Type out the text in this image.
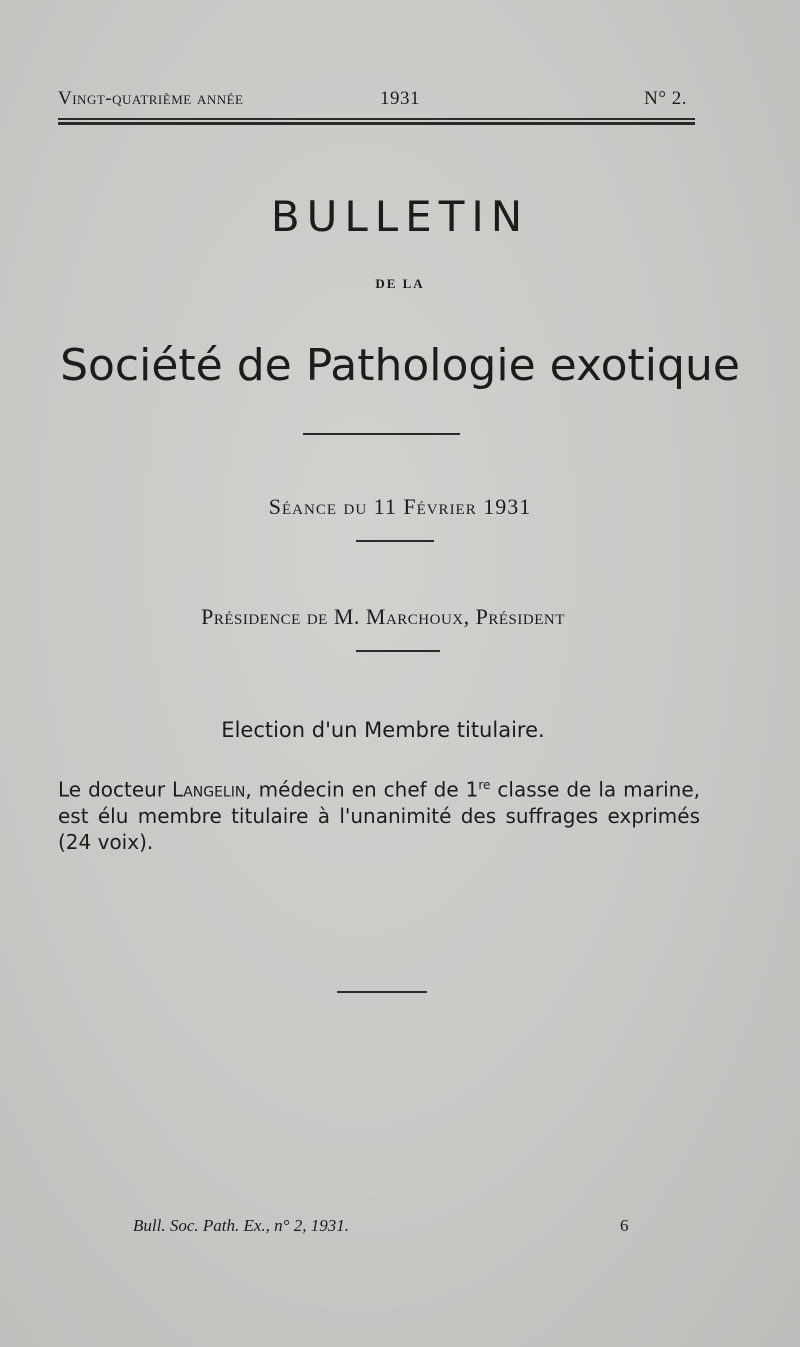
Vingt-quatrième année	1931	N° 2.
BULLETIN
DE LA
Société de Pathologie exotique
Séance du 11 Février 1931
Présidence de M. Marchoux, Président
Election d'un Membre titulaire.
Le docteur Langelin, médecin en chef de 1re classe de la marine, est élu membre titulaire à l'unanimité des suffrages exprimés (24 voix).
Bull. Soc. Path. Ex., n° 2, 1931.	6
